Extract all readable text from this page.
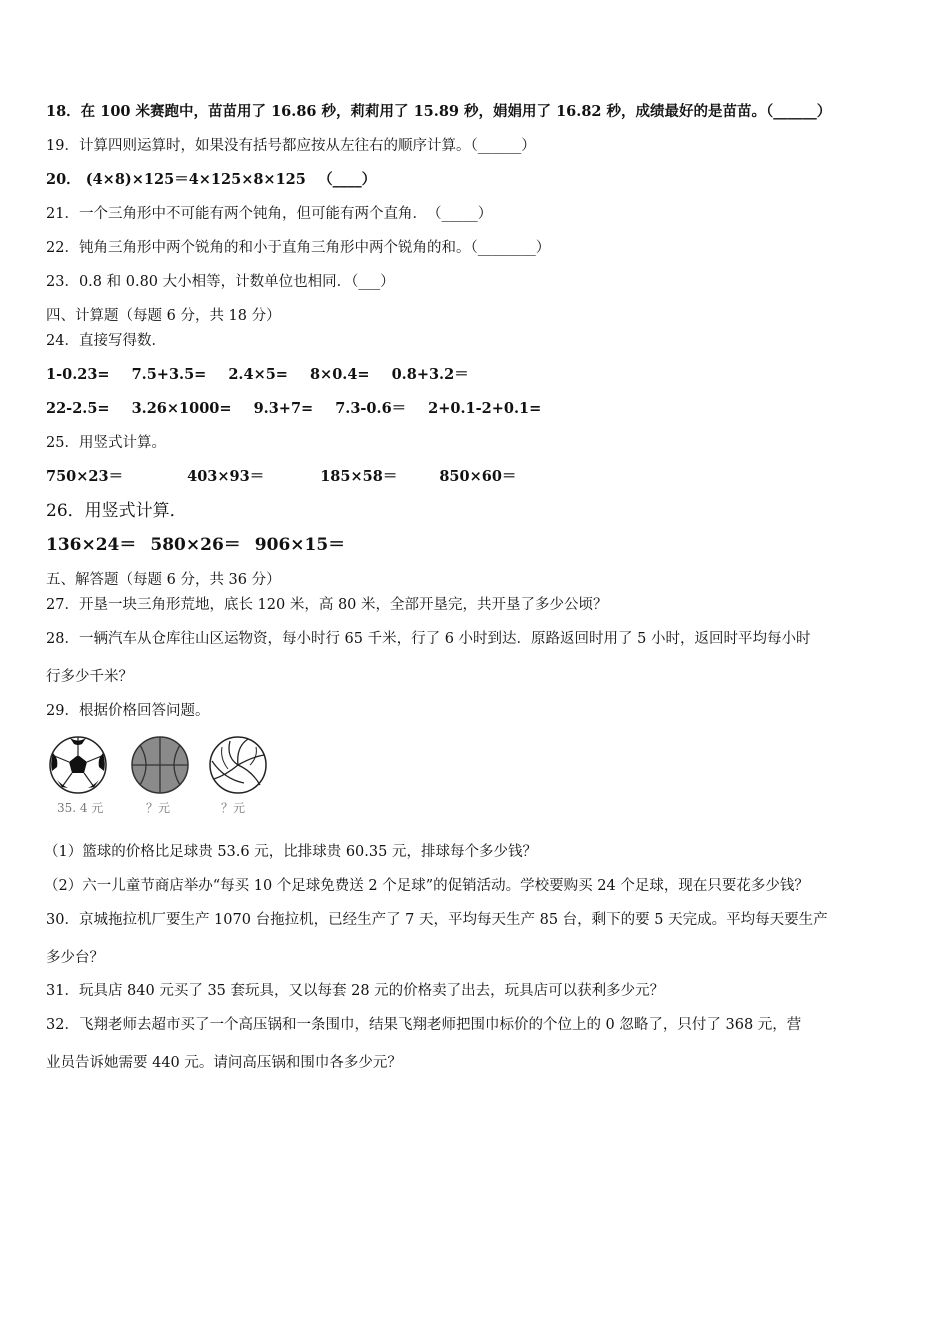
18．在 100 米赛跑中，苗苗用了 16.86 秒，莉莉用了 15.89 秒，娟娟用了 16.82 秒，成绩最好的是苗苗。（______）
19．计算四则运算时，如果没有括号都应按从左往右的顺序计算。（______）
20． (4×8)×125＝4×125×8×125 　（____）
21．一个三角形中不可能有两个钝角，但可能有两个直角．　（_____）
22．钝角三角形中两个锐角的和小于直角三角形中两个锐角的和。（________）
23．0.8 和 0.80 大小相等，计数单位也相同．（___）
四、计算题（每题 6 分，共 18 分）
24．直接写得数．
1-0.23= 7.5+3.5= 2.4×5= 8×0.4= 0.8+3.2＝
22-2.5= 3.26×1000= 9.3+7= 7.3-0.6＝ 2+0.1-2+0.1=
25．用竖式计算。
750×23＝	403×93＝	185×58＝	850×60＝
26．用竖式计算．
136×24＝ 580×26＝ 906×15＝
五、解答题（每题 6 分，共 36 分）
27．开垦一块三角形荒地，底长 120 米，高 80 米，全部开垦完，共开垦了多少公顷？
28．一辆汽车从仓库往山区运物资，每小时行 65 千米，行了 6 小时到达．原路返回时用了 5 小时，返回时平均每小时
行多少千米？
29．根据价格回答问题。
35. 4 元	？元	？元
（1）篮球的价格比足球贵 53.6 元，比排球贵 60.35 元，排球每个多少钱？
（2）六一儿童节商店举办“每买 10 个足球免费送 2 个足球”的促销活动。学校要购买 24 个足球，现在只要花多少钱？
30．京城拖拉机厂要生产 1070 台拖拉机，已经生产了 7 天，平均每天生产 85 台，剩下的要 5 天完成。平均每天要生产
多少台？
31．玩具店 840 元买了 35 套玩具，又以每套 28 元的价格卖了出去，玩具店可以获利多少元？
32．飞翔老师去超市买了一个高压锅和一条围巾，结果飞翔老师把围巾标价的个位上的 0 忽略了，只付了 368 元，营
业员告诉她需要 440 元。请问高压锅和围巾各多少元？
